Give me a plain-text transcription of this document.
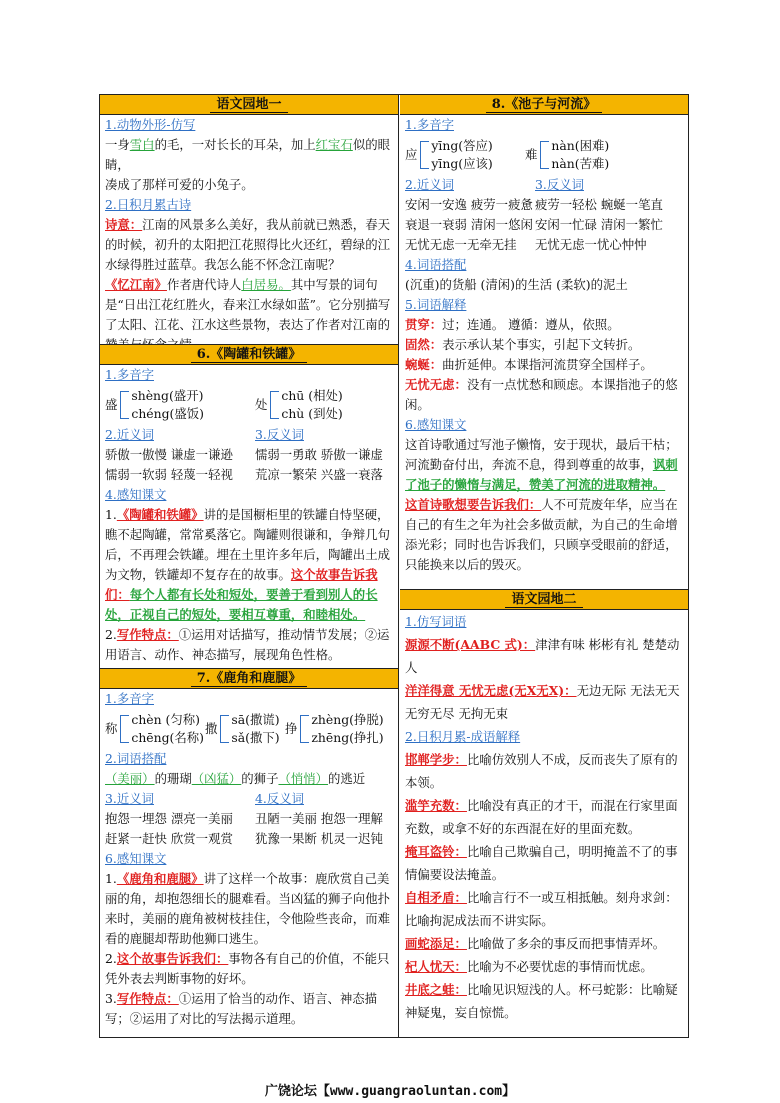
语文园地一
1.动物外形-仿写
一身雪白的毛，一对长长的耳朵，加上红宝石似的眼睛，
凑成了那样可爱的小兔子。
2.日积月累古诗
诗意：江南的风景多么美好，我从前就已熟悉，春天的时候，初升的太阳把江花照得比火还红，碧绿的江水绿得胜过蓝草。我怎么能不怀念江南呢？
《忆江南》作者唐代诗人白居易。其中写景的词句是“日出江花红胜火，春来江水绿如蓝”。它分别描写了太阳、江花、江水这些景物，表达了作者对江南的
6.《陶罐和铁罐》
1.多音字
盛
shèng(盛开)
chéng(盛饭)
处
chū (相处)
chù (到处)
2.近义词	3.反义词
骄傲一傲慢 谦虚一谦逊	懦弱一勇敢 骄傲一谦虚
懦弱一软弱 轻蔑一轻视	荒凉一繁荣 兴盛一衰落
4.感知课文
1.《陶罐和铁罐》讲的是国橱柜里的铁罐自恃坚硬，瞧不起陶罐，常常奚落它。陶罐则很谦和，争辩几句后，不再理会铁罐。埋在土里许多年后，陶罐出土成为文物，铁罐却不复存在的故事。这个故事告诉我们：每个人都有长处和短处，要善于看到别人的长处，正视自己的短处，要相互尊重，和睦相处。
2.写作特点：①运用对话描写，推动情节发展；②运用语言、动作、神态描写，展现角色性格。
7.《鹿角和鹿腿》
1.多音字
称
chèn (匀称)
chēng(名称)
撒
sā(撒谎)
sǎ(撒下)
挣
zhèng(挣脱)
zhēng(挣扎)
2.词语搭配
（美丽）的珊瑚（凶猛）的狮子（悄悄）的逃近
3.近义词	4.反义词
抱怨一埋怨 漂亮一美丽	丑陋一美丽 抱怨一理解
赶紧一赶快 欣赏一观赏	犹豫一果断 机灵一迟钝
6.感知课文
1.《鹿角和鹿腿》讲了这样一个故事：鹿欣赏自己美丽的角，却抱怨细长的腿难看。当凶猛的狮子向他扑来时，美丽的鹿角被树枝挂住，令他险些丧命，而难看的鹿腿却帮助他狮口逃生。
2.这个故事告诉我们：事物各有自己的价值，不能只凭外表去判断事物的好坏。
3.写作特点：①运用了恰当的动作、语言、神态描写；②运用了对比的写法揭示道理。
8.《池子与河流》
1.多音字
应
yīng(答应)
yīng(应该)
难
nàn(困难)
nàn(苦难)
2.近义词	3.反义词
安闲一安逸 疲劳一疲惫 疲劳一轻松 蜿蜒一笔直
衰退一衰弱 清闲一悠闲 安闲一忙碌 清闲一繁忙
无忧无虑一无牵无挂	无忧无虑一忧心忡忡
4.词语搭配
(沉重)的货船 (清闲)的生活 (柔软)的泥土
5.词语解释
贯穿：过；连通。 遵循：遵从，依照。
固然：表示承认某个事实，引起下文转折。
蜿蜒：曲折延伸。本课指河流贯穿全国样子。
无忧无虑：没有一点忧愁和顾虑。本课指池子的悠闲。
6.感知课文
这首诗歌通过写池子懒惰，安于现状，最后干枯；河流勤奋付出，奔流不息，得到尊重的故事，讽刺了池子的懒惰与满足，赞美了河流的进取精神。
这首诗歌想要告诉我们：人不可荒废年华，应当在自己的有生之年为社会多做贡献，为自己的生命增添光彩；同时也告诉我们，只顾享受眼前的舒适，只能换来以后的毁灭。
语文园地二
1.仿写词语
源源不断(AABC 式)：津津有味 彬彬有礼 楚楚动人
洋洋得意 无忧无虑(无X无X)：无边无际 无法无天 无穷无尽 无拘无束
2.日积月累-成语解释
邯郸学步：比喻仿效别人不成，反而丧失了原有的本领。
滥竽充数：比喻没有真正的才干，而混在行家里面充数，或拿不好的东西混在好的里面充数。
掩耳盗铃：比喻自己欺骗自己，明明掩盖不了的事情偏要设法掩盖。
自相矛盾：比喻言行不一或互相抵触。刻舟求剑：比喻拘泥成法而不讲实际。
画蛇添足：比喻做了多余的事反而把事情弄坏。
杞人忧天：比喻为不必要忧虑的事情而忧虑。
井底之蛙：比喻见识短浅的人。杯弓蛇影：比喻疑神疑鬼，妄自惊慌。
广饶论坛【www.guangraoluntan.com】
